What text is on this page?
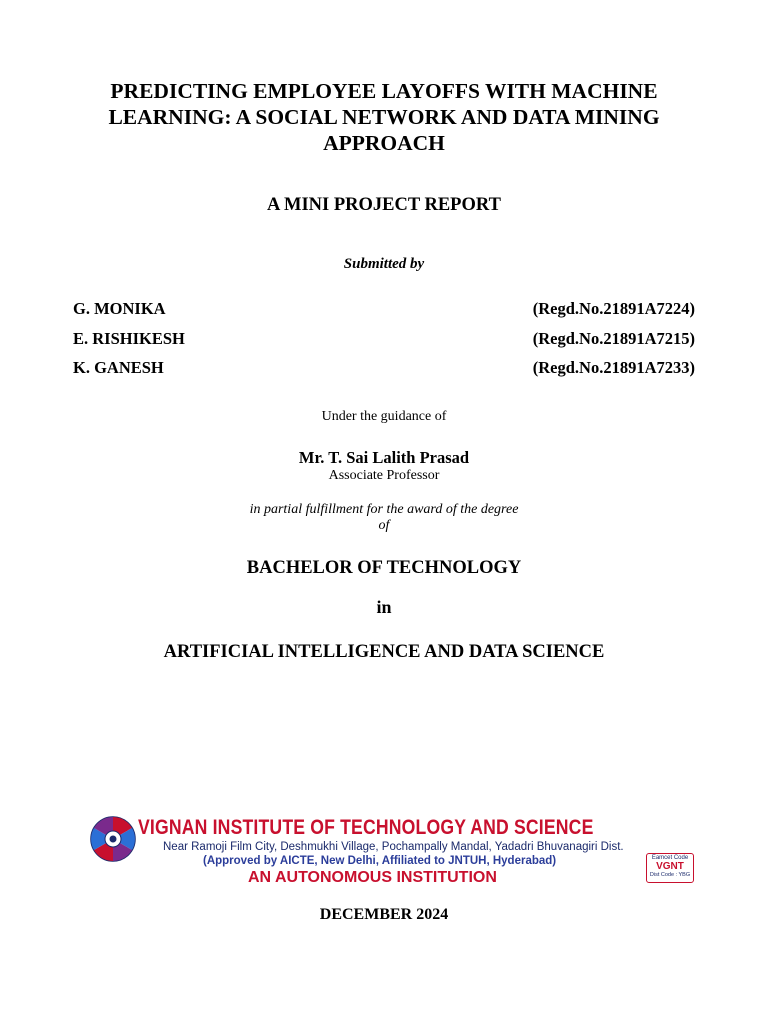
PREDICTING EMPLOYEE LAYOFFS WITH MACHINE
LEARNING: A SOCIAL NETWORK AND DATA MINING
APPROACH
A MINI PROJECT REPORT
Submitted by
G. MONIKA	(Regd.No.21891A7224)
E. RISHIKESH	(Regd.No.21891A7215)
K. GANESH	(Regd.No.21891A7233)
Under the guidance of
Mr. T. Sai Lalith Prasad
Associate Professor
in partial fulfillment for the award of the degree
of
BACHELOR OF TECHNOLOGY
in
ARTIFICIAL INTELLIGENCE AND DATA SCIENCE
VIGNAN INSTITUTE OF TECHNOLOGY AND SCIENCE
Near Ramoji Film City, Deshmukhi Village, Pochampally Mandal, Yadadri Bhuvanagiri Dist.
(Approved by AICTE, New Delhi, Affiliated to JNTUH, Hyderabad)
AN AUTONOMOUS INSTITUTION
Eamcet Code
VGNT
Dist Code : YBG
DECEMBER 2024
